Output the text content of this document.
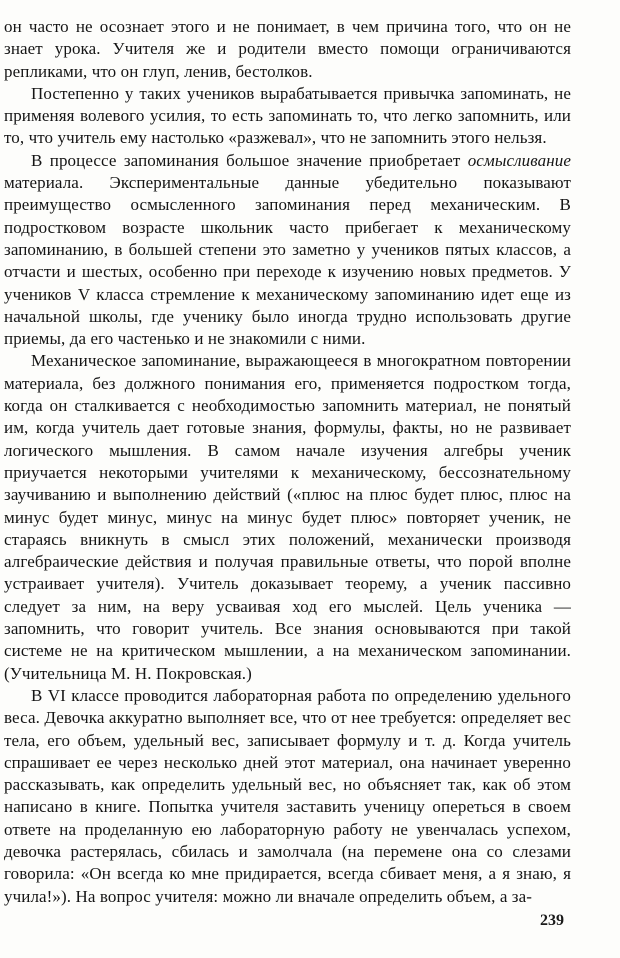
он часто не осознает этого и не понимает, в чем причина того, что он не знает урока. Учителя же и родители вместо помощи ограничиваются репликами, что он глуп, ленив, бестолков.

Постепенно у таких учеников вырабатывается привычка запоминать, не применяя волевого усилия, то есть запоминать то, что легко запомнить, или то, что учитель ему настолько «разжевал», что не запомнить этого нельзя.

В процессе запоминания большое значение приобретает осмысливание материала. Экспериментальные данные убедительно показывают преимущество осмысленного запоминания перед механическим. В подростковом возрасте школьник часто прибегает к механическому запоминанию, в большей степени это заметно у учеников пятых классов, а отчасти и шестых, особенно при переходе к изучению новых предметов. У учеников V класса стремление к механическому запоминанию идет еще из начальной школы, где ученику было иногда трудно использовать другие приемы, да его частенько и не знакомили с ними.

Механическое запоминание, выражающееся в многократном повторении материала, без должного понимания его, применяется подростком тогда, когда он сталкивается с необходимостью запомнить материал, не понятый им, когда учитель дает готовые знания, формулы, факты, но не развивает логического мышления. В самом начале изучения алгебры ученик приучается некоторыми учителями к механическому, бессознательному заучиванию и выполнению действий («плюс на плюс будет плюс, плюс на минус будет минус, минус на минус будет плюс» повторяет ученик, не стараясь вникнуть в смысл этих положений, механически производя алгебраические действия и получая правильные ответы, что порой вполне устраивает учителя). Учитель доказывает теорему, а ученик пассивно следует за ним, на веру усваивая ход его мыслей. Цель ученика — запомнить, что говорит учитель. Все знания основываются при такой системе не на критическом мышлении, а на механическом запоминании. (Учительница М. Н. Покровская.)

В VI классе проводится лабораторная работа по определению удельного веса. Девочка аккуратно выполняет все, что от нее требуется: определяет вес тела, его объем, удельный вес, записывает формулу и т. д. Когда учитель спрашивает ее через несколько дней этот материал, она начинает уверенно рассказывать, как определить удельный вес, но объясняет так, как об этом написано в книге. Попытка учителя заставить ученицу опереться в своем ответе на проделанную ею лабораторную работу не увенчалась успехом, девочка растерялась, сбилась и замолчала (на перемене она со слезами говорила: «Он всегда ко мне придирается, всегда сбивает меня, а я знаю, я учила!»). На вопрос учителя: можно ли вначале определить объем, а за-

239
